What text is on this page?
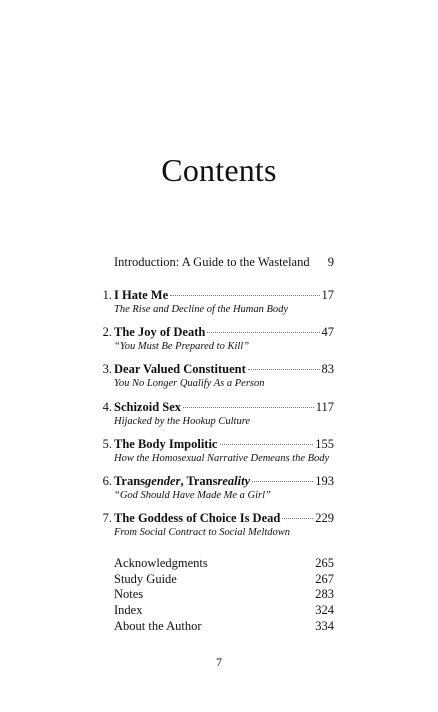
Contents
Introduction: A Guide to the Wasteland	9
1. I Hate Me	17
The Rise and Decline of the Human Body
2. The Joy of Death	47
“You Must Be Prepared to Kill”
3. Dear Valued Constituent	83
You No Longer Qualify As a Person
4. Schizoid Sex	117
Hijacked by the Hookup Culture
5. The Body Impolitic	155
How the Homosexual Narrative Demeans the Body
6. Transgender, Transreality	193
“God Should Have Made Me a Girl”
7. The Goddess of Choice Is Dead	229
From Social Contract to Social Meltdown
Acknowledgments	265
Study Guide	267
Notes	283
Index	324
About the Author	334
7
